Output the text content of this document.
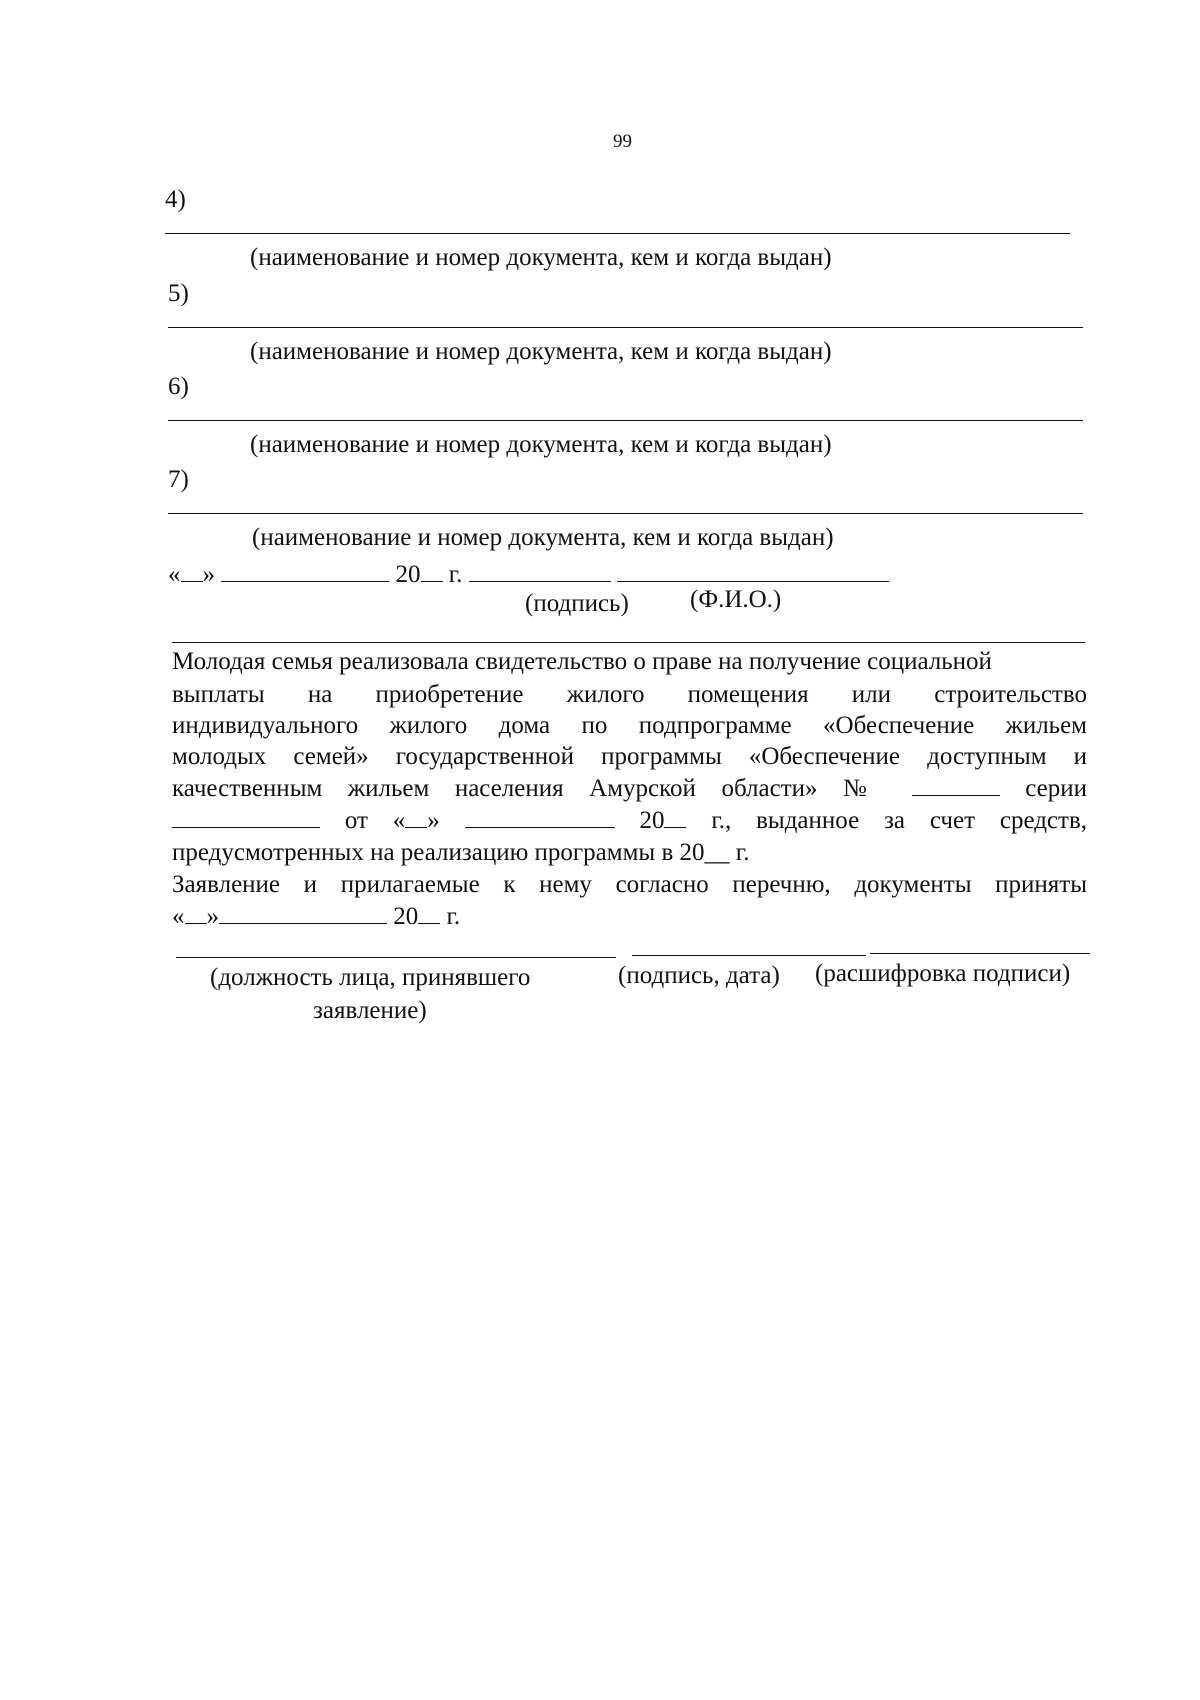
99
4)
(наименование и номер документа, кем и когда выдан)
5)
(наименование и номер документа, кем и когда выдан)
6)
(наименование и номер документа, кем и когда выдан)
7)
(наименование и номер документа, кем и когда выдан)
« »	20 г.
(подпись) (Ф.И.О.)
Молодая семья реализовала свидетельство о праве на получение социальной
выплаты на приобретение жилого помещения или строительство
индивидуального жилого дома по подпрограмме «Обеспечение жильем
молодых семей» государственной программы «Обеспечение доступным и
качественным жильем населения Амурской области» №	серии
от « »	20 г., выданное за счет средств,
предусмотренных на реализацию программы в 20__ г.
Заявление и прилагаемые к нему согласно перечню, документы приняты
« »	20 г.
(должность лица, принявшего
заявление)
(подпись, дата) (расшифровка подписи)
